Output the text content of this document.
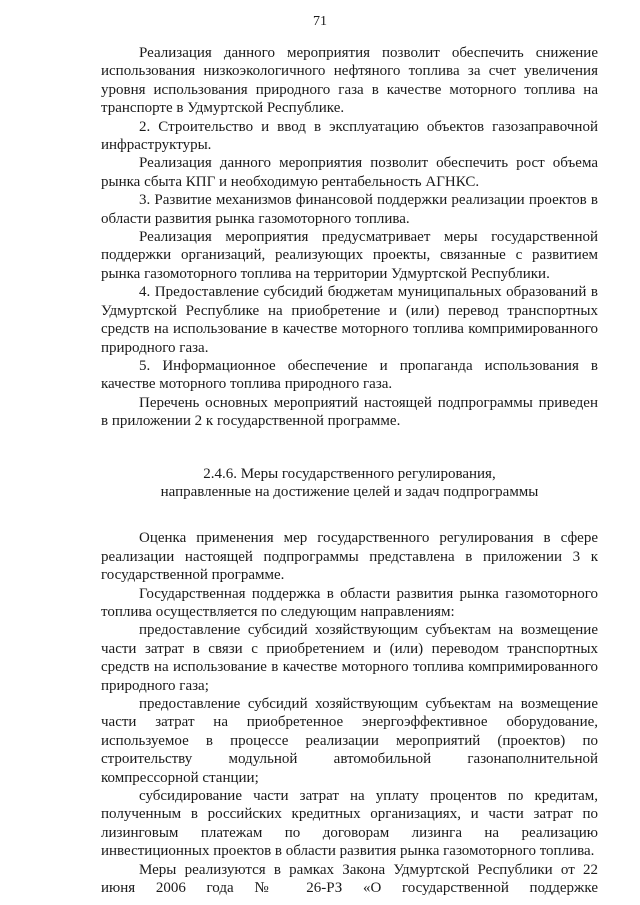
71

Реализация данного мероприятия позволит обеспечить снижение использования низкоэкологичного нефтяного топлива за счет увеличения уровня использования природного газа в качестве моторного топлива на транспорте в Удмуртской Республике.

2. Строительство и ввод в эксплуатацию объектов газозаправочной инфраструктуры.

Реализация данного мероприятия позволит обеспечить рост объема рынка сбыта КПГ и необходимую рентабельность АГНКС.

3. Развитие механизмов финансовой поддержки реализации проектов в области развития рынка газомоторного топлива.

Реализация мероприятия предусматривает меры государственной поддержки организаций, реализующих проекты, связанные с развитием рынка газомоторного топлива на территории Удмуртской Республики.

4. Предоставление субсидий бюджетам муниципальных образований в Удмуртской Республике на приобретение и (или) перевод транспортных средств на использование в качестве моторного топлива компримированного природного газа.

5. Информационное обеспечение и пропаганда использования в качестве моторного топлива природного газа.

Перечень основных мероприятий настоящей подпрограммы приведен в приложении 2 к государственной программе.

2.4.6. Меры государственного регулирования,
направленные на достижение целей и задач подпрограммы

Оценка применения мер государственного регулирования в сфере реализации настоящей подпрограммы представлена в приложении 3 к государственной программе.

Государственная поддержка в области развития рынка газомоторного топлива осуществляется по следующим направлениям:

предоставление субсидий хозяйствующим субъектам на возмещение части затрат в связи с приобретением и (или) переводом транспортных средств на использование в качестве моторного топлива компримированного природного газа;

предоставление субсидий хозяйствующим субъектам на возмещение части затрат на приобретенное энергоэффективное оборудование, используемое в процессе реализации мероприятий (проектов) по строительству модульной автомобильной газонаполнительной компрессорной станции;

субсидирование части затрат на уплату процентов по кредитам, полученным в российских кредитных организациях, и части затрат по лизинговым платежам по договорам лизинга на реализацию инвестиционных проектов в области развития рынка газомоторного топлива.

Меры реализуются в рамках Закона Удмуртской Республики от 22 июня 2006 года № 26-РЗ «О государственной поддержке
